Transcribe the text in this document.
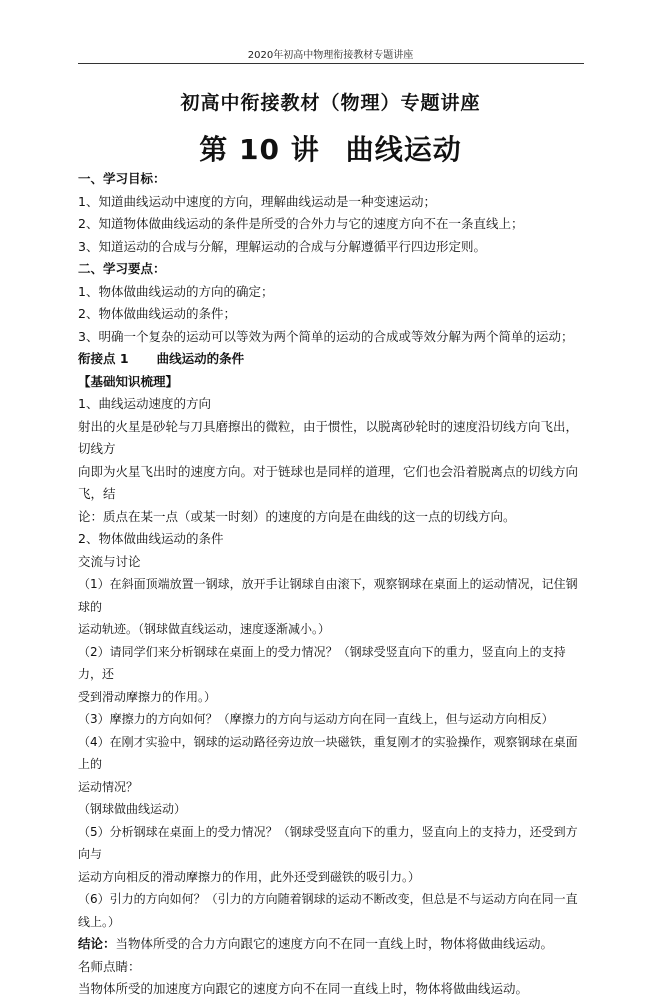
2020年初高中物理衔接教材专题讲座
初高中衔接教材（物理）专题讲座
第 10 讲 曲线运动

一、学习目标：

1、知道曲线运动中速度的方向，理解曲线运动是一种变速运动；

2、知道物体做曲线运动的条件是所受的合外力与它的速度方向不在一条直线上；

3、知道运动的合成与分解，理解运动的合成与分解遵循平行四边形定则。

二、学习要点：

1、物体做曲线运动的方向的确定；

2、物体做曲线运动的条件；

3、明确一个复杂的运动可以等效为两个简单的运动的合成或等效分解为两个简单的运动；

衔接点 1 曲线运动的条件

【基础知识梳理】

1、曲线运动速度的方向

射出的火星是砂轮与刀具磨擦出的微粒，由于惯性，以脱离砂轮时的速度沿切线方向飞出，切线方

向即为火星飞出时的速度方向。对于链球也是同样的道理，它们也会沿着脱离点的切线方向飞，结

论：质点在某一点（或某一时刻）的速度的方向是在曲线的这一点的切线方向。

2、物体做曲线运动的条件

交流与讨论

（1）在斜面顶端放置一钢球，放开手让钢球自由滚下，观察钢球在桌面上的运动情况，记住钢球的

运动轨迹。（钢球做直线运动，速度逐渐减小。）

（2）请同学们来分析钢球在桌面上的受力情况？（钢球受竖直向下的重力，竖直向上的支持力，还

受到滑动摩擦力的作用。）

（3）摩擦力的方向如何？（摩擦力的方向与运动方向在同一直线上，但与运动方向相反）

（4）在刚才实验中，钢球的运动路径旁边放一块磁铁，重复刚才的实验操作，观察钢球在桌面上的

运动情况？

（钢球做曲线运动）

（5）分析钢球在桌面上的受力情况？（钢球受竖直向下的重力，竖直向上的支持力，还受到方向与

运动方向相反的滑动摩擦力的作用，此外还受到磁铁的吸引力。）

（6）引力的方向如何？（引力的方向随着钢球的运动不断改变，但总是不与运动方向在同一直线上。）

结论：当物体所受的合力方向跟它的速度方向不在同一直线上时，物体将做曲线运动。

名师点睛：

当物体所受的加速度方向跟它的速度方向不在同一直线上时，物体将做曲线运动。
